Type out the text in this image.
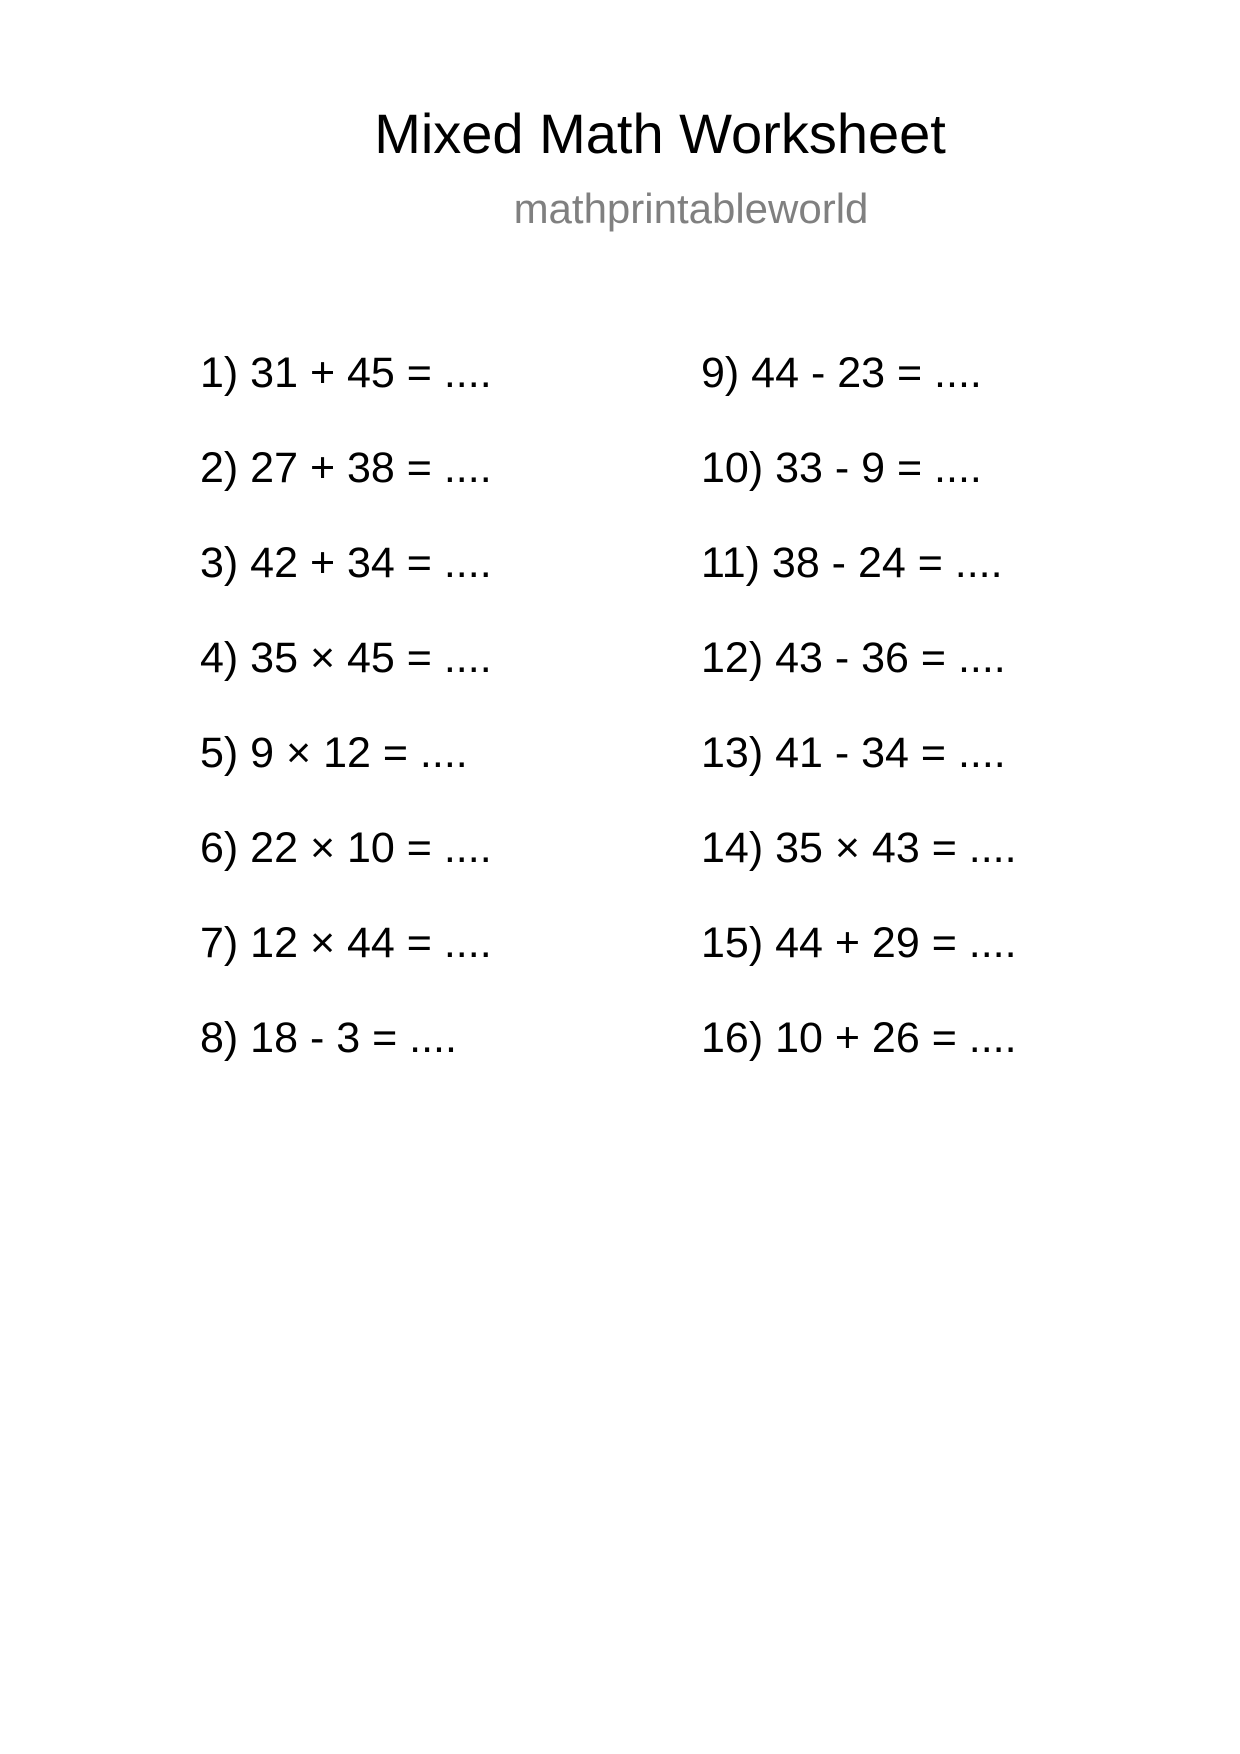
Mixed Math Worksheet
mathprintableworld
1) 31 + 45 = ....
2) 27 + 38 = ....
3) 42 + 34 = ....
4) 35 × 45 = ....
5) 9 × 12 = ....
6) 22 × 10 = ....
7) 12 × 44 = ....
8) 18 - 3 = ....
9) 44 - 23 = ....
10) 33 - 9 = ....
11) 38 - 24 = ....
12) 43 - 36 = ....
13) 41 - 34 = ....
14) 35 × 43 = ....
15) 44 + 29 = ....
16) 10 + 26 = ....
